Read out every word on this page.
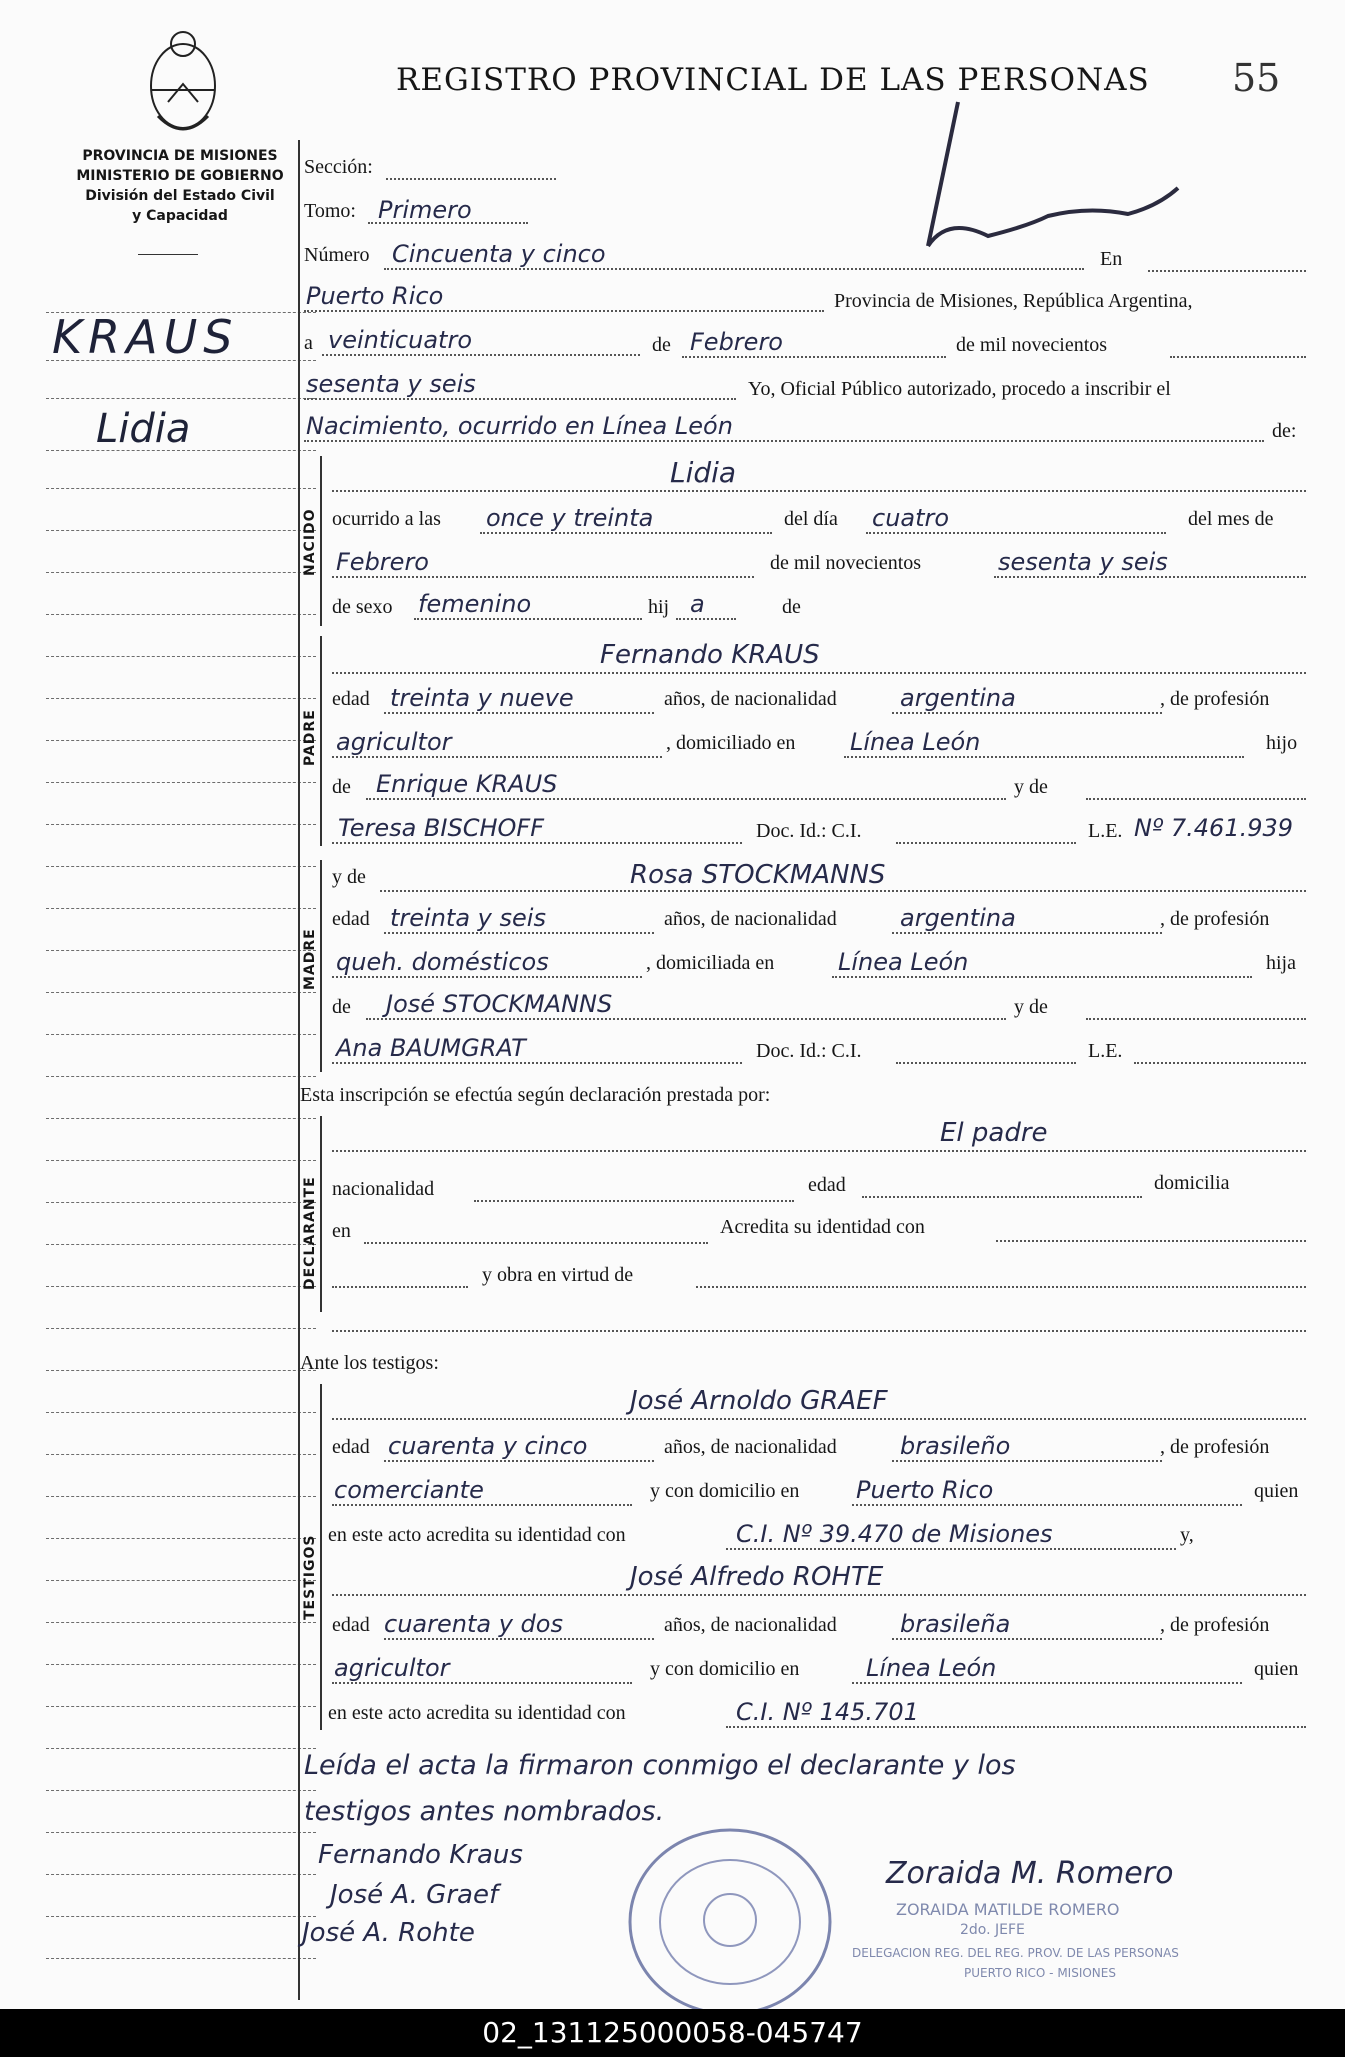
PROVINCIA DE MISIONES
MINISTERIO DE GOBIERNO
División del Estado Civil
y Capacidad
REGISTRO PROVINCIAL DE LAS PERSONAS 55
KRAUS
Lidia
Sección:
Tomo: Primero
Número Cincuenta y cinco	En
Puerto Rico	Provincia de Misiones, República Argentina,
a veinticuatro	de Febrero	de mil novecientos
sesenta y seis	Yo, Oficial Público autorizado, procedo a inscribir el
Nacimiento, ocurrido en Línea León	de:
NACIDO
Lidia
ocurrido a las once y treinta	del día cuatro	del mes de
Febrero	de mil novecientos	sesenta y seis
de sexo femenino	hij a	de
PADRE
Fernando KRAUS
edad treinta y nueve	años, de nacionalidad	argentina	, de profesión
agricultor	, domiciliado en Línea León	hijo
de Enrique KRAUS	y de
Teresa BISCHOFF	Doc. Id.: C.I.	L.E. Nº 7.461.939
MADRE
y de	Rosa STOCKMANNS
edad treinta y seis	años, de nacionalidad	argentina	, de profesión
queh. domésticos	, domiciliada en	Línea León	hija
de José STOCKMANNS	y de
Ana BAUMGRAT	Doc. Id.: C.I.	L.E.
Esta inscripción se efectúa según declaración prestada por:
DECLARANTE
El padre
nacionalidad	edad	domicilia
en	Acredita su identidad con
y obra en virtud de
Ante los testigos:
TESTIGOS
José Arnoldo GRAEF
edad cuarenta y cinco	años, de nacionalidad	brasileño	, de profesión
comerciante	y con domicilio en Puerto Rico	quien
en este acto acredita su identidad con	C.I. Nº 39.470 de Misiones	y,
José Alfredo ROHTE
edad cuarenta y dos	años, de nacionalidad	brasileña	, de profesión
agricultor	y con domicilio en	Línea León	quien
en este acto acredita su identidad con	C.I. Nº 145.701
Leída el acta la firmaron conmigo el declarante y los
testigos antes nombrados.
Fernando Kraus
José A. Graef
José A. Rohte
Zoraida M. Romero
ZORAIDA MATILDE ROMERO
2do. JEFE
DELEGACION REG. DEL REG. PROV. DE LAS PERSONAS
PUERTO RICO - MISIONES
02_131125000058-045747
